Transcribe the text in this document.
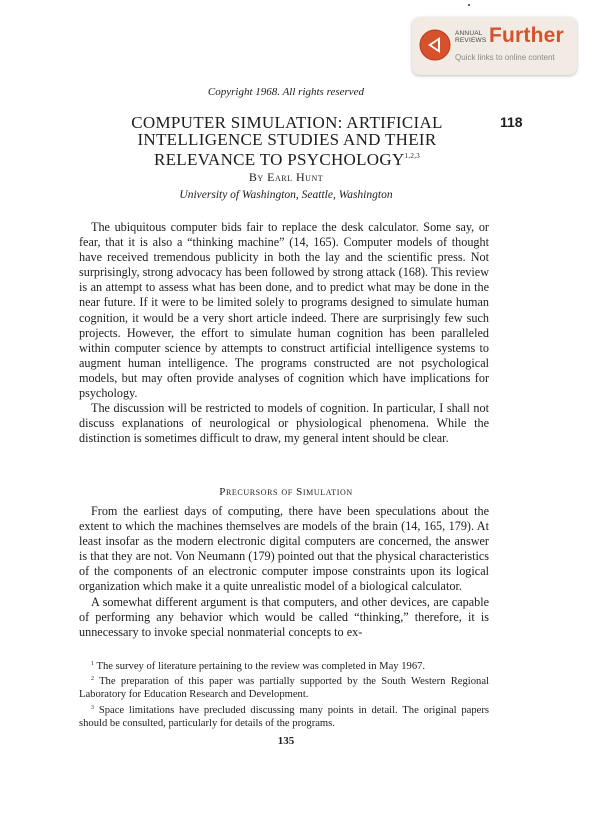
ANNUAL
REVIEWS Further
Quick links to online content
Copyright 1968. All rights reserved
COMPUTER SIMULATION: ARTIFICIAL
INTELLIGENCE STUDIES AND THEIR
RELEVANCE TO PSYCHOLOGY$^{1,2,3}$
118
By Earl Hunt
University of Washington, Seattle, Washington

The ubiquitous computer bids fair to replace the desk calculator. Some say, or fear, that it is also a “thinking machine” (14, 165). Computer models of thought have received tremendous publicity in both the lay and the scientific press. Not surprisingly, strong advocacy has been followed by strong attack (168). This review is an attempt to assess what has been done, and to predict what may be done in the near future. If it were to be limited solely to programs designed to simulate human cognition, it would be a very short article indeed. There are surprisingly few such projects. However, the effort to simulate human cognition has been paralleled within computer science by attempts to construct artificial intelligence systems to augment human intelligence. The programs constructed are not psychological models, but may often provide analyses of cognition which have implications for psychology.

The discussion will be restricted to models of cognition. In particular, I shall not discuss explanations of neurological or physiological phenomena. While the distinction is sometimes difficult to draw, my general intent should be clear.

Precursors of Simulation

From the earliest days of computing, there have been speculations about the extent to which the machines themselves are models of the brain (14, 165, 179). At least insofar as the modern electronic digital computers are concerned, the answer is that they are not. Von Neumann (179) pointed out that the physical characteristics of the components of an electronic computer impose constraints upon its logical organization which make it a quite unrealistic model of a biological calculator.

A somewhat different argument is that computers, and other devices, are capable of performing any behavior which would be called “thinking,” therefore, it is unnecessary to invoke special nonmaterial concepts to ex-

$^1$ The survey of literature pertaining to the review was completed in May 1967.

$^2$ The preparation of this paper was partially supported by the South Western Regional Laboratory for Education Research and Development.

$^3$ Space limitations have precluded discussing many points in detail. The original papers should be consulted, particularly for details of the programs.

135
